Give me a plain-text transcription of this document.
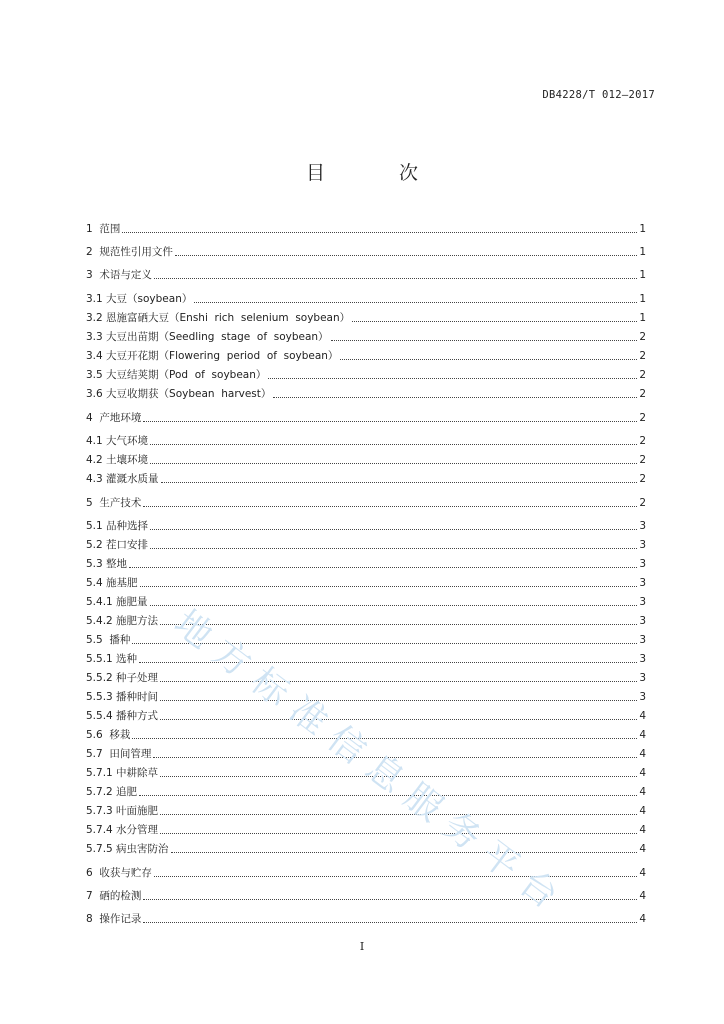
DB4228/T 012—2017
目 次
1  范围	1
2  规范性引用文件	1
3  术语与定义	1
3.1 大豆（soybean）	1
3.2 恩施富硒大豆（Enshi  rich  selenium  soybean）	1
3.3 大豆出苗期（Seedling  stage  of  soybean）	2
3.4 大豆开花期（Flowering  period  of  soybean）	2
3.5 大豆结荚期（Pod  of  soybean）	2
3.6 大豆收期获（Soybean  harvest）	2
4  产地环境	2
4.1 大气环境	2
4.2 土壤环境	2
4.3 灌溉水质量	2
5  生产技术	2
5.1 品种选择	3
5.2 茬口安排	3
5.3 整地	3
5.4 施基肥	3
5.4.1 施肥量	3
5.4.2 施肥方法	3
5.5  播种	3
5.5.1 选种	3
5.5.2 种子处理	3
5.5.3 播种时间	3
5.5.4 播种方式	4
5.6  移栽	4
5.7  田间管理	4
5.7.1 中耕除草	4
5.7.2 追肥	4
5.7.3 叶面施肥	4
5.7.4 水分管理	4
5.7.5 病虫害防治	4
6  收获与贮存	4
7  硒的检测	4
8  操作记录	4
地方标准信息服务平台
I
